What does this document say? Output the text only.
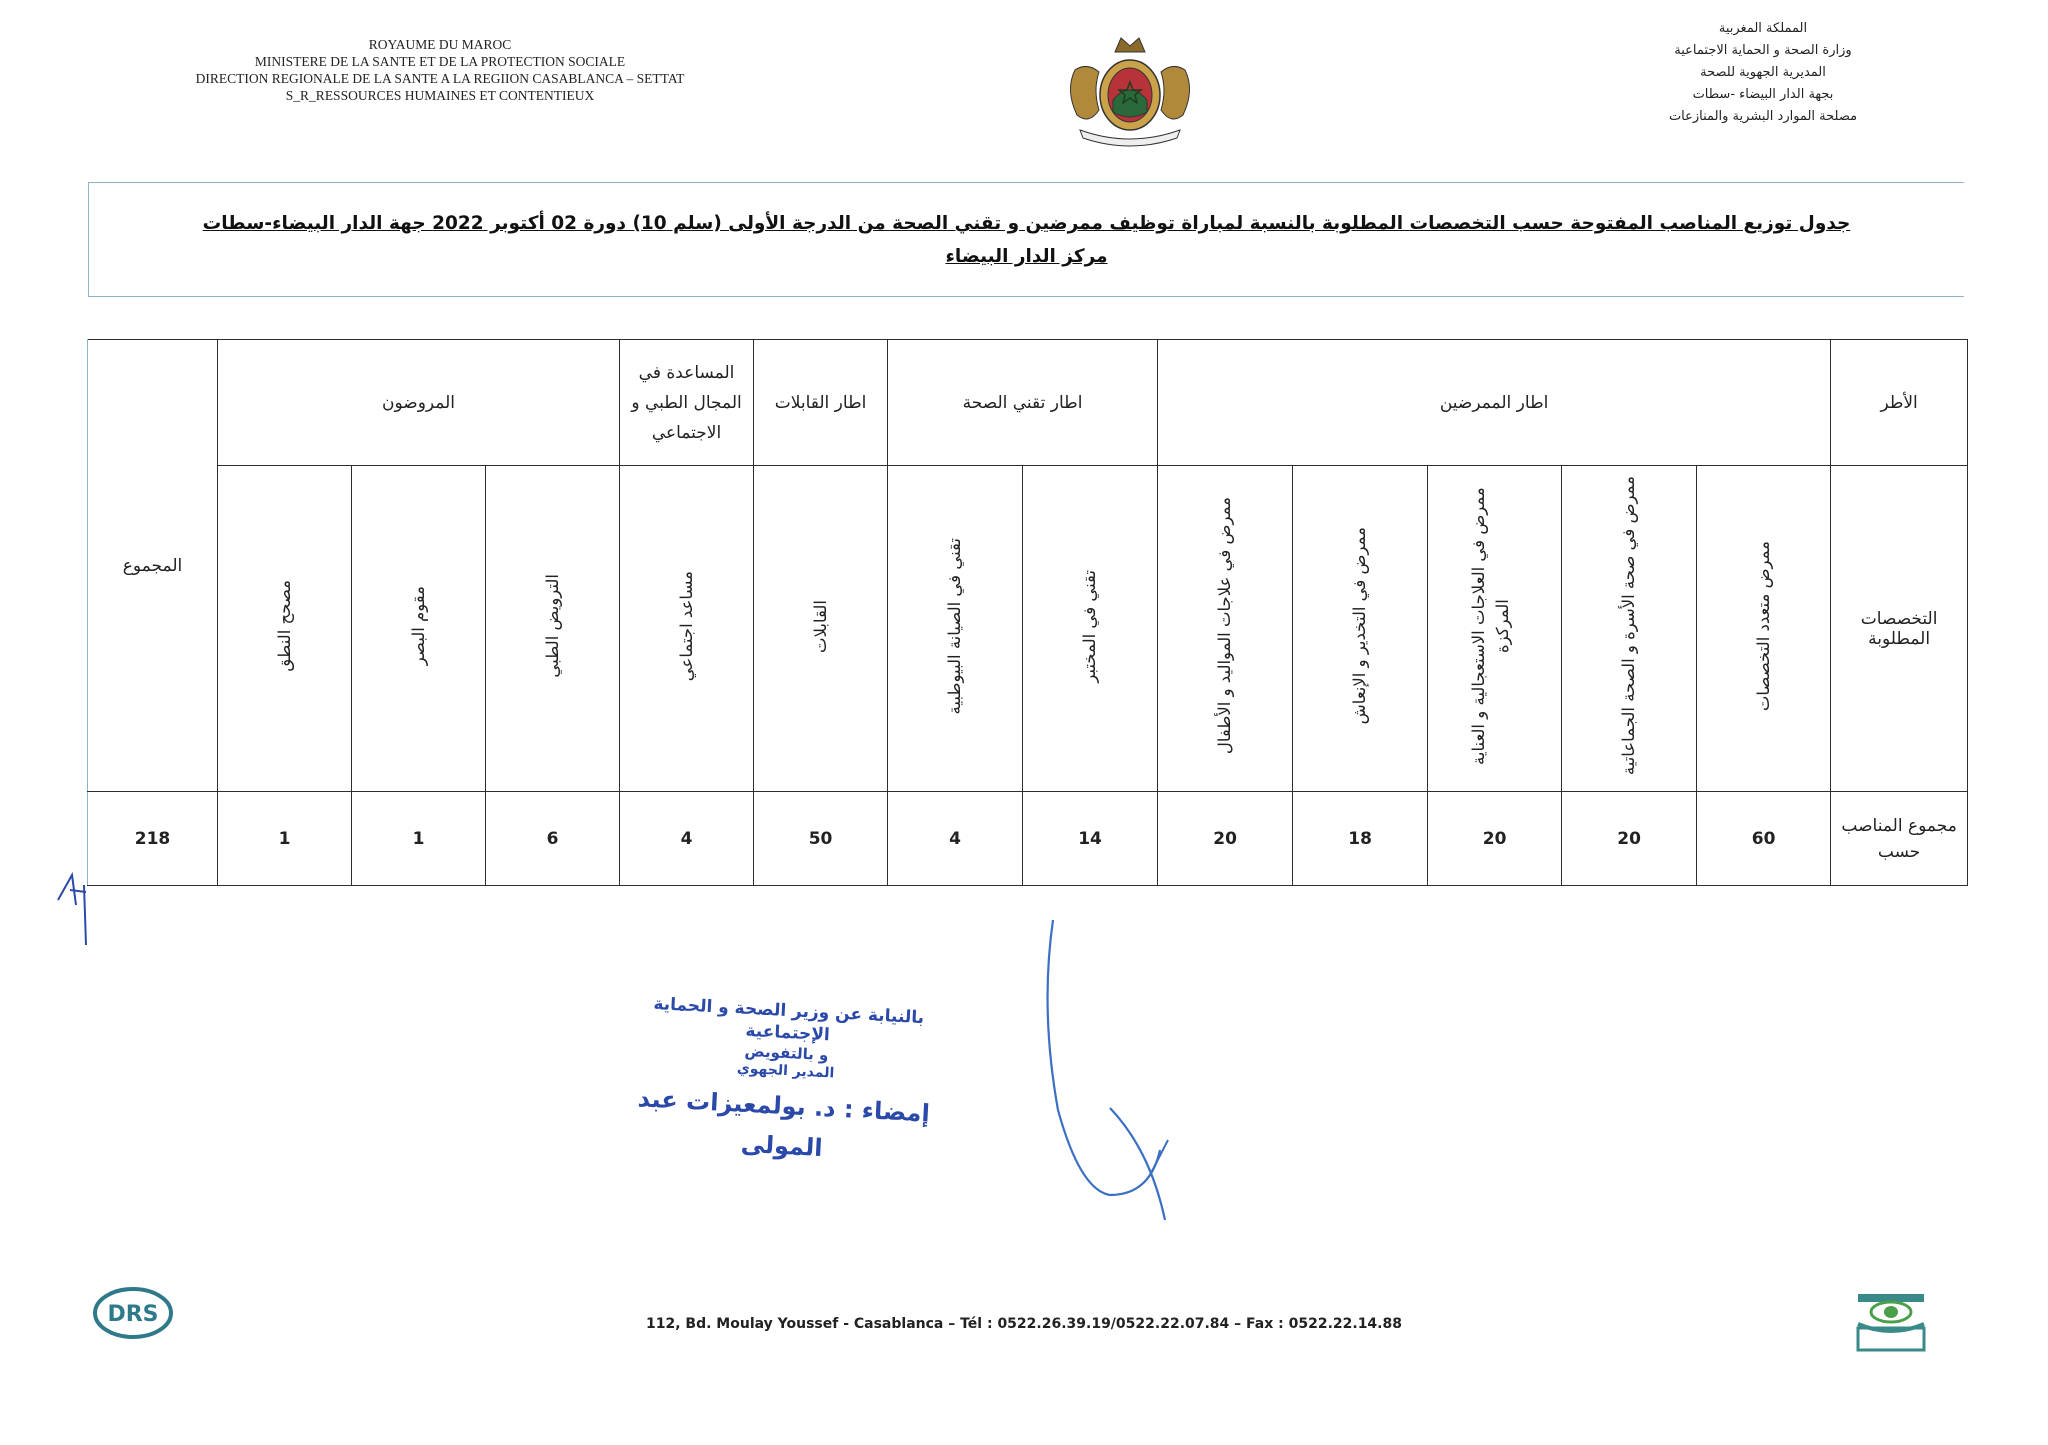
ROYAUME DU MAROC
MINISTERE DE LA SANTE ET DE LA PROTECTION SOCIALE
DIRECTION REGIONALE DE LA SANTE A LA REGIION CASABLANCA – SETTAT
S_R_RESSOURCES HUMAINES ET CONTENTIEUX
المملكة المغربية
وزارة الصحة و الحماية الاجتماعية
المديرية الجهوية للصحة
بجهة الدار البيضاء -سطات
مصلحة الموارد البشرية والمنازعات
جدول توزيع المناصب المفتوحة حسب التخصصات المطلوبة بالنسبة لمباراة توظيف ممرضين و تقني الصحة من الدرجة الأولى (سلم 10) دورة 02 أكتوبر 2022 جهة الدار البيضاء-سطات
مركز الدار البيضاء
الأطر	اطار الممرضين					اطار تقني الصحة		اطار القابلات	المساعدة في المجال الطبي و الاجتماعي	المروضون			المجموع
التخصصات المطلوبة	ممرض متعدد التخصصات	ممرض في صحة الأسرة و الصحة الجماعاتية	ممرض في العلاجات الاستعجالية و العناية المركزة	ممرض في التخدير و الإنعاش	ممرض في علاجات المواليد و الأطفال	تقني في المختبر	تقني في الصيانة البيوطبية	القابلات	مساعد اجتماعي	الترويض الطبي	مقوم البصر	مصحح النطق	
مجموع المناصب حسب	60	20	20	18	20	14	4	50	4	6	1	1	218
بالنيابة عن وزير الصحة و الحماية الإجتماعية
و بالتفويض
المدير الجهوي
إمضاء : د. بولمعيزات عبد المولى
DRS	112, Bd. Moulay Youssef - Casablanca – Tél : 0522.26.39.19/0522.22.07.84 – Fax : 0522.22.14.88
